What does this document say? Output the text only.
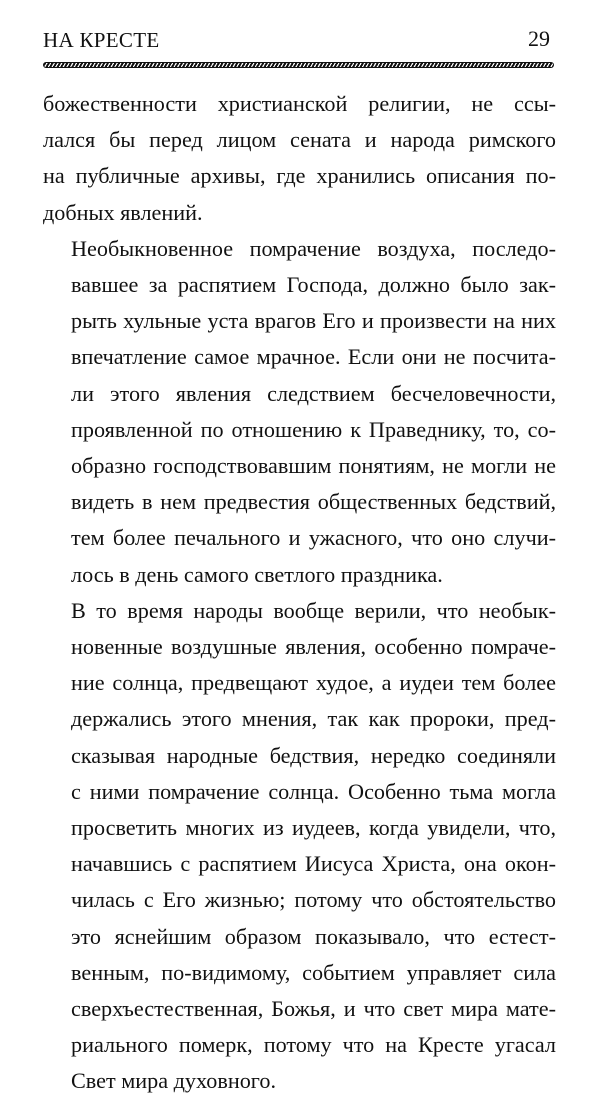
НА КРЕСТЕ	29

божественности христианской религии, не ссы-
лался бы перед лицом сената и народа римского
на публичные архивы, где хранились описания по-
добных явлений.

Необыкновенное помрачение воздуха, последо-
вавшее за распятием Господа, должно было зак-
рыть хульные уста врагов Его и произвести на них
впечатление самое мрачное. Если они не посчита-
ли этого явления следствием бесчеловечности,
проявленной по отношению к Праведнику, то, со-
образно господствовавшим понятиям, не могли не
видеть в нем предвестия общественных бедствий,
тем более печального и ужасного, что оно случи-
лось в день самого светлого праздника.

В то время народы вообще верили, что необык-
новенные воздушные явления, особенно помраче-
ние солнца, предвещают худое, а иудеи тем более
держались этого мнения, так как пророки, пред-
сказывая народные бедствия, нередко соединяли
с ними помрачение солнца. Особенно тьма могла
просветить многих из иудеев, когда увидели, что,
начавшись с распятием Иисуса Христа, она окон-
чилась с Его жизнью; потому что обстоятельство
это яснейшим образом показывало, что естест-
венным, по-видимому, событием управляет сила
сверхъестественная, Божья, и что свет мира мате-
риального померк, потому что на Кресте угасал
Свет мира духовного.
